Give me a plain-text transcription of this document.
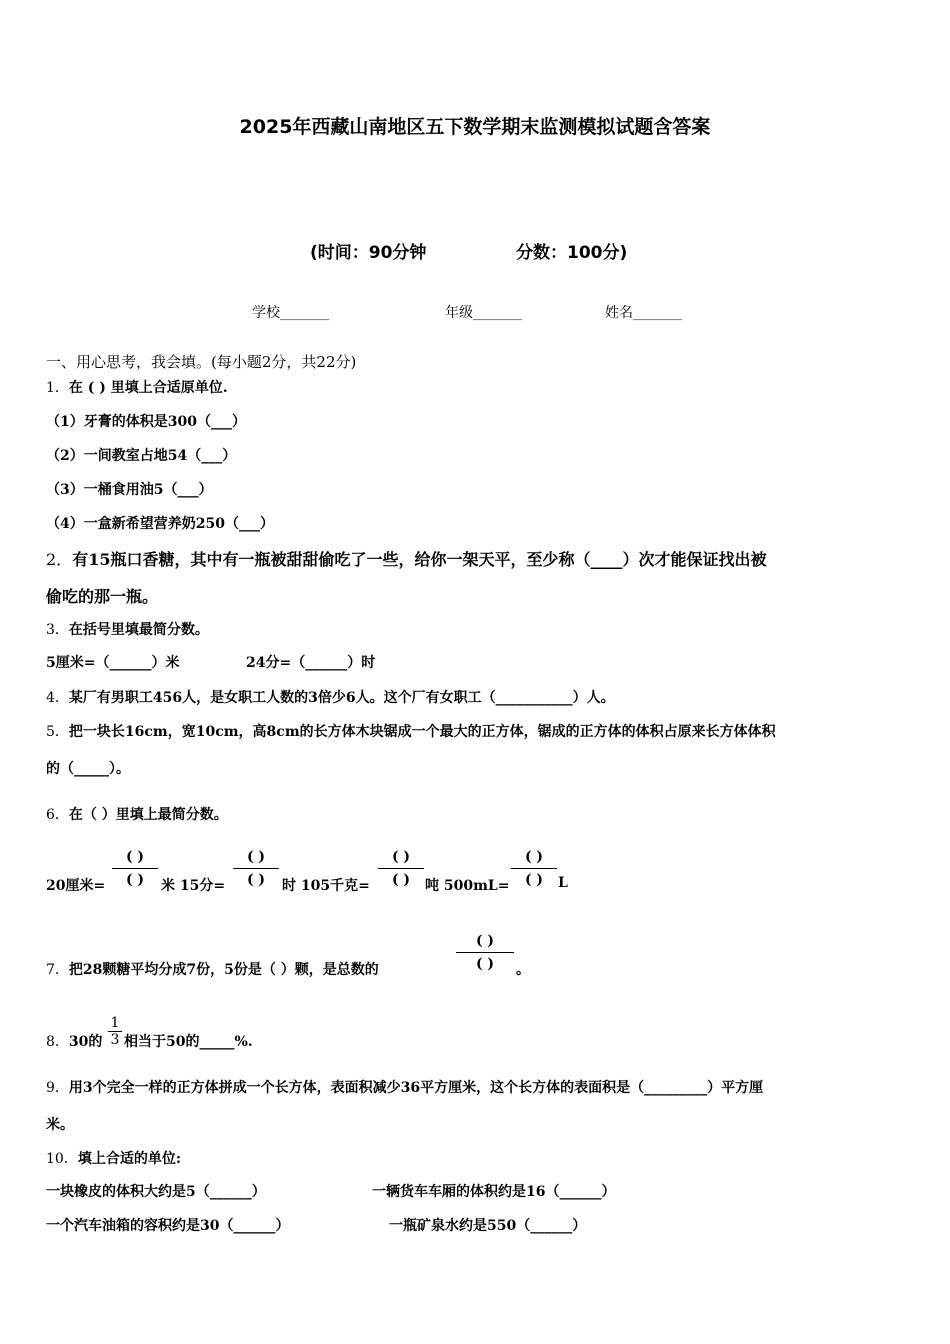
2025年西藏山南地区五下数学期末监测模拟试题含答案
(时间：90分钟	分数：100分)
学校_______	年级_______	姓名_______
一、用心思考，我会填。(每小题2分，共22分)
1．在 ( ) 里填上合适原单位.
（1）牙膏的体积是300（___）
（2）一间教室占地54（___）
（3）一桶食用油5（___）
（4）一盒新希望营养奶250（___）
2．有15瓶口香糖，其中有一瓶被甜甜偷吃了一些，给你一架天平，至少称（____）次才能保证找出被
偷吃的那一瓶。
3．在括号里填最简分数。
5厘米=（______）米	24分=（______）时
4．某厂有男职工456人，是女职工人数的3倍少6人。这个厂有女职工（___________）人。
5．把一块长16cm，宽10cm，高8cm的长方体木块锯成一个最大的正方体，锯成的正方体的体积占原来长方体体积
的（_____）。
6．在（ ）里填上最简分数。
20厘米=
( )
( )	米 15分=
( )
( )	时 105千克=
( )
( )	吨 500mL=
( )
( )	L
7．把28颗糖平均分成7份，5份是（ ）颗，是总数的
( )
( )	。
8．30的 $\frac{1}{3}$ 相当于50的_____%.
9．用3个完全一样的正方体拼成一个长方体，表面积减少36平方厘米，这个长方体的表面积是（_________）平方厘
米。
10．填上合适的单位:
一块橡皮的体积大约是5（______）	一辆货车车厢的体积约是16（______）
一个汽车油箱的容积约是30（______）	一瓶矿泉水约是550（______）
